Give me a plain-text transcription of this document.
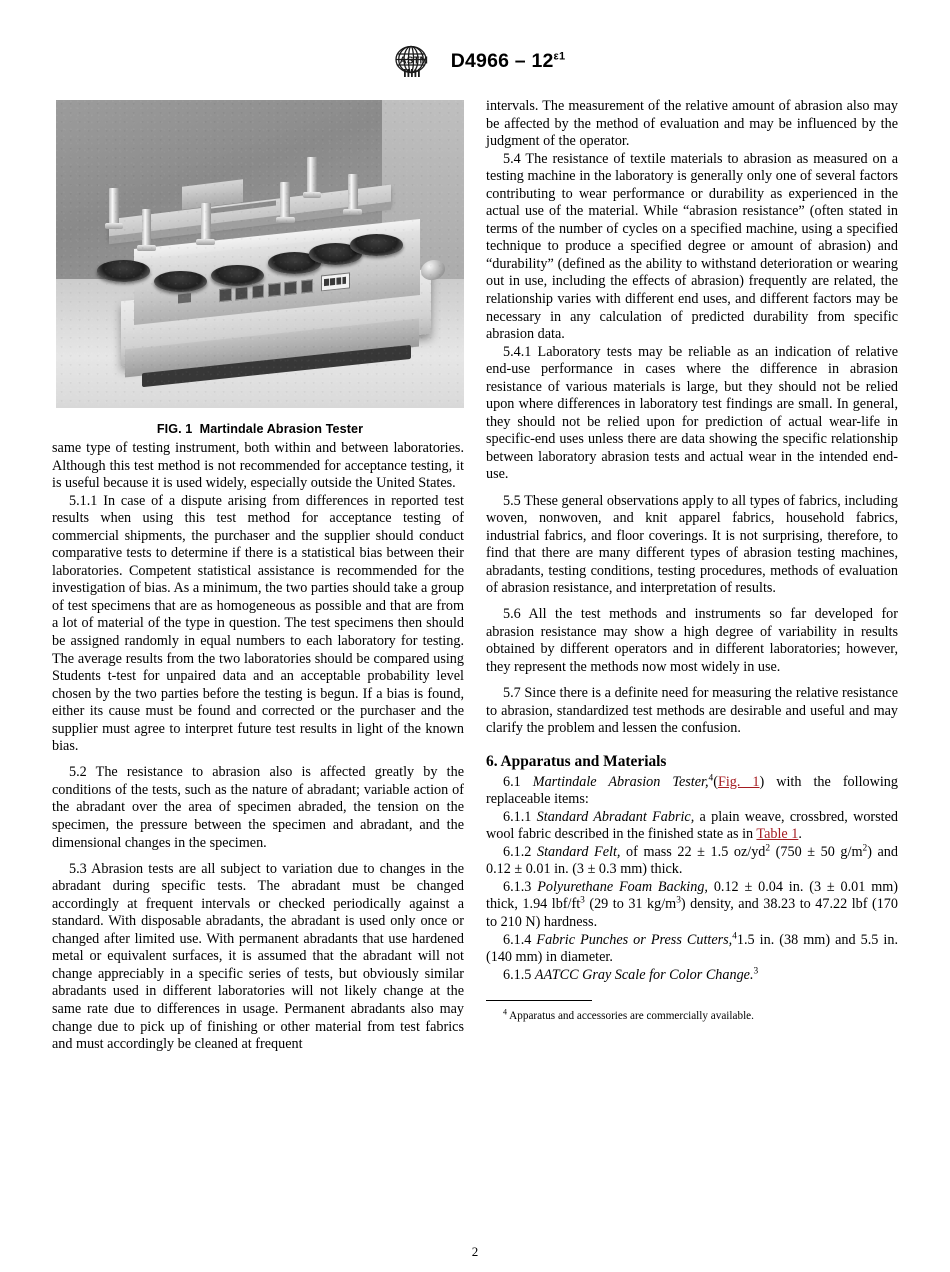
ASTM $D4966 - 12^{\varepsilon 1}$

same type of testing instrument, both within and between laboratories. Although this test method is not recommended for acceptance testing, it is useful because it is used widely, especially outside the United States.

5.1.1 In case of a dispute arising from differences in reported test results when using this test method for acceptance testing of commercial shipments, the purchaser and the supplier should conduct comparative tests to determine if there is a statistical bias between their laboratories. Competent statistical assistance is recommended for the investigation of bias. As a minimum, the two parties should take a group of test specimens that are as homogeneous as possible and that are from a lot of material of the type in question. The test specimens then should be assigned randomly in equal numbers to each laboratory for testing. The average results from the two laboratories should be compared using Students t-test for unpaired data and an acceptable probability level chosen by the two parties before the testing is begun. If a bias is found, either its cause must be found and corrected or the purchaser and the supplier must agree to interpret future test results in light of the known bias.

5.2 The resistance to abrasion also is affected greatly by the conditions of the tests, such as the nature of abradant; variable action of the abradant over the area of specimen abraded, the tension on the specimen, the pressure between the specimen and abradant, and the dimensional changes in the specimen.

5.3 Abrasion tests are all subject to variation due to changes in the abradant during specific tests. The abradant must be changed accordingly at frequent intervals or checked periodically against a standard. With disposable abradants, the abradant is used only once or changed after limited use. With permanent abradants that use hardened metal or equivalent surfaces, it is assumed that the abradant will not change appreciably in a specific series of tests, but obviously similar abradants used in different laboratories will not likely change at the same rate due to differences in usage. Permanent abradants also may change due to pick up of finishing or other material from test fabrics and must accordingly be cleaned at frequent

FIG. 1 Martindale Abrasion Tester

intervals. The measurement of the relative amount of abrasion also may be affected by the method of evaluation and may be influenced by the judgment of the operator.

5.4 The resistance of textile materials to abrasion as measured on a testing machine in the laboratory is generally only one of several factors contributing to wear performance or durability as experienced in the actual use of the material. While “abrasion resistance” (often stated in terms of the number of cycles on a specified machine, using a specified technique to produce a specified degree or amount of abrasion) and “durability” (defined as the ability to withstand deterioration or wearing out in use, including the effects of abrasion) frequently are related, the relationship varies with different end uses, and different factors may be necessary in any calculation of predicted durability from specific abrasion data.

5.4.1 Laboratory tests may be reliable as an indication of relative end-use performance in cases where the difference in abrasion resistance of various materials is large, but they should not be relied upon where differences in laboratory test findings are small. In general, they should not be relied upon for prediction of actual wear-life in specific-end uses unless there are data showing the specific relationship between laboratory abrasion tests and actual wear in the intended end-use.

5.5 These general observations apply to all types of fabrics, including woven, nonwoven, and knit apparel fabrics, household fabrics, industrial fabrics, and floor coverings. It is not surprising, therefore, to find that there are many different types of abrasion testing machines, abradants, testing conditions, testing procedures, methods of evaluation of abrasion resistance, and interpretation of results.

5.6 All the test methods and instruments so far developed for abrasion resistance may show a high degree of variability in results obtained by different operators and in different laboratories; however, they represent the methods now most widely in use.

5.7 Since there is a definite need for measuring the relative resistance to abrasion, standardized test methods are desirable and useful and may clarify the problem and lessen the confusion.

6. Apparatus and Materials

6.1 Martindale Abrasion Tester,$^4$(Fig. 1) with the following replaceable items:

6.1.1 Standard Abradant Fabric, a plain weave, crossbred, worsted wool fabric described in the finished state as in Table 1.

6.1.2 Standard Felt, of mass 22 ± 1.5 $oz/yd^2$ (750 ± 50 $g/m^2$) and 0.12 ± 0.01 in. (3 ± 0.3 mm) thick.

6.1.3 Polyurethane Foam Backing, 0.12 ± 0.04 in. (3 ± 0.01 mm) thick, 1.94 lbf/$ft^3$ (29 to 31 $kg/m^3$) density, and 38.23 to 47.22 lbf (170 to 210 N) hardness.

6.1.4 Fabric Punches or Press Cutters,$^4$1.5 in. (38 mm) and 5.5 in. (140 mm) in diameter.

6.1.5 AATCC Gray Scale for Color Change.$^3$

$^4$ Apparatus and accessories are commercially available.
2
